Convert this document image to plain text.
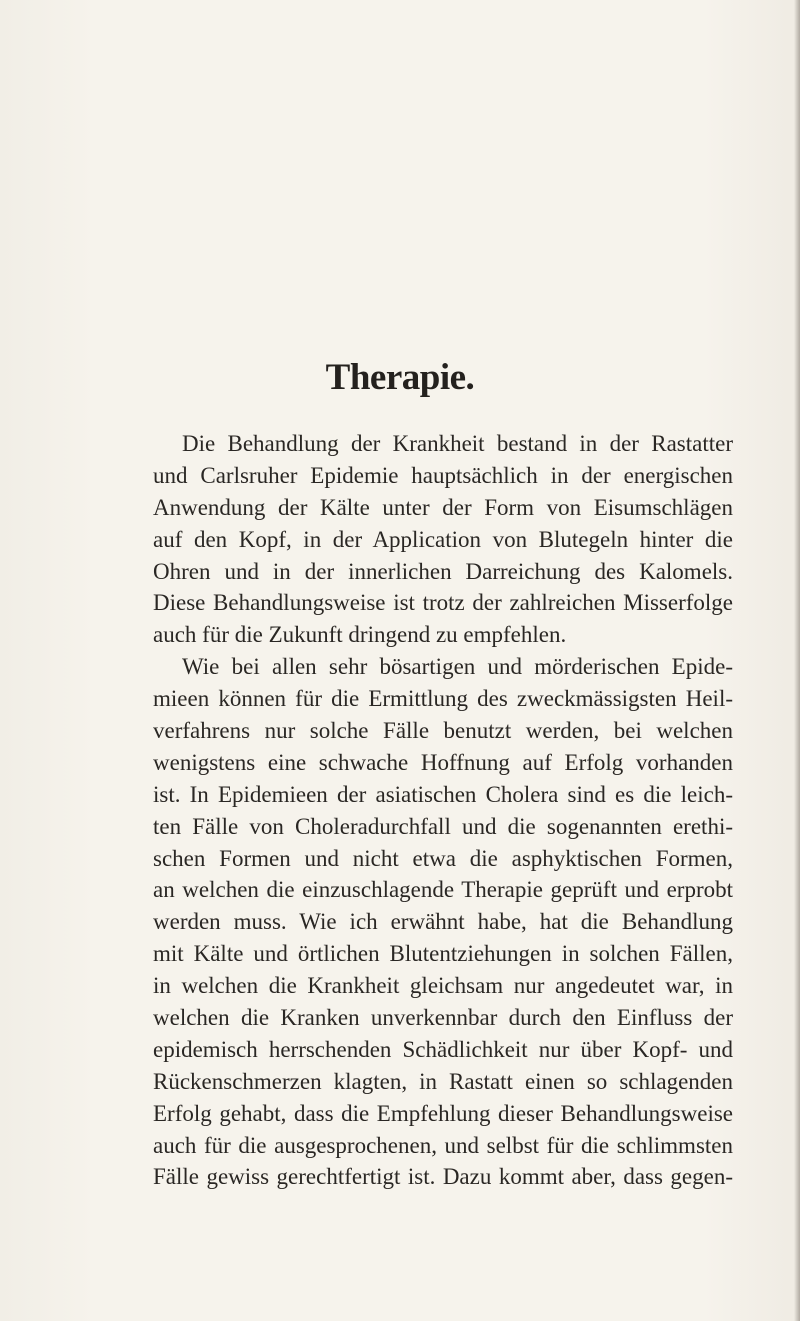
Therapie.
Die Behandlung der Krankheit bestand in der Rastatter
und Carlsruher Epidemie hauptsächlich in der energischen
Anwendung der Kälte unter der Form von Eisumschlägen
auf den Kopf, in der Application von Blutegeln hinter die
Ohren und in der innerlichen Darreichung des Kalomels.
Diese Behandlungsweise ist trotz der zahlreichen Misserfolge
auch für die Zukunft dringend zu empfehlen.
Wie bei allen sehr bösartigen und mörderischen Epide-
mieen können für die Ermittlung des zweckmässigsten Heil-
verfahrens nur solche Fälle benutzt werden, bei welchen
wenigstens eine schwache Hoffnung auf Erfolg vorhanden
ist. In Epidemieen der asiatischen Cholera sind es die leich-
ten Fälle von Choleradurchfall und die sogenannten erethi-
schen Formen und nicht etwa die asphyktischen Formen,
an welchen die einzuschlagende Therapie geprüft und erprobt
werden muss. Wie ich erwähnt habe, hat die Behandlung
mit Kälte und örtlichen Blutentziehungen in solchen Fällen,
in welchen die Krankheit gleichsam nur angedeutet war, in
welchen die Kranken unverkennbar durch den Einfluss der
epidemisch herrschenden Schädlichkeit nur über Kopf- und
Rückenschmerzen klagten, in Rastatt einen so schlagenden
Erfolg gehabt, dass die Empfehlung dieser Behandlungsweise
auch für die ausgesprochenen, und selbst für die schlimmsten
Fälle gewiss gerechtfertigt ist. Dazu kommt aber, dass gegen-
